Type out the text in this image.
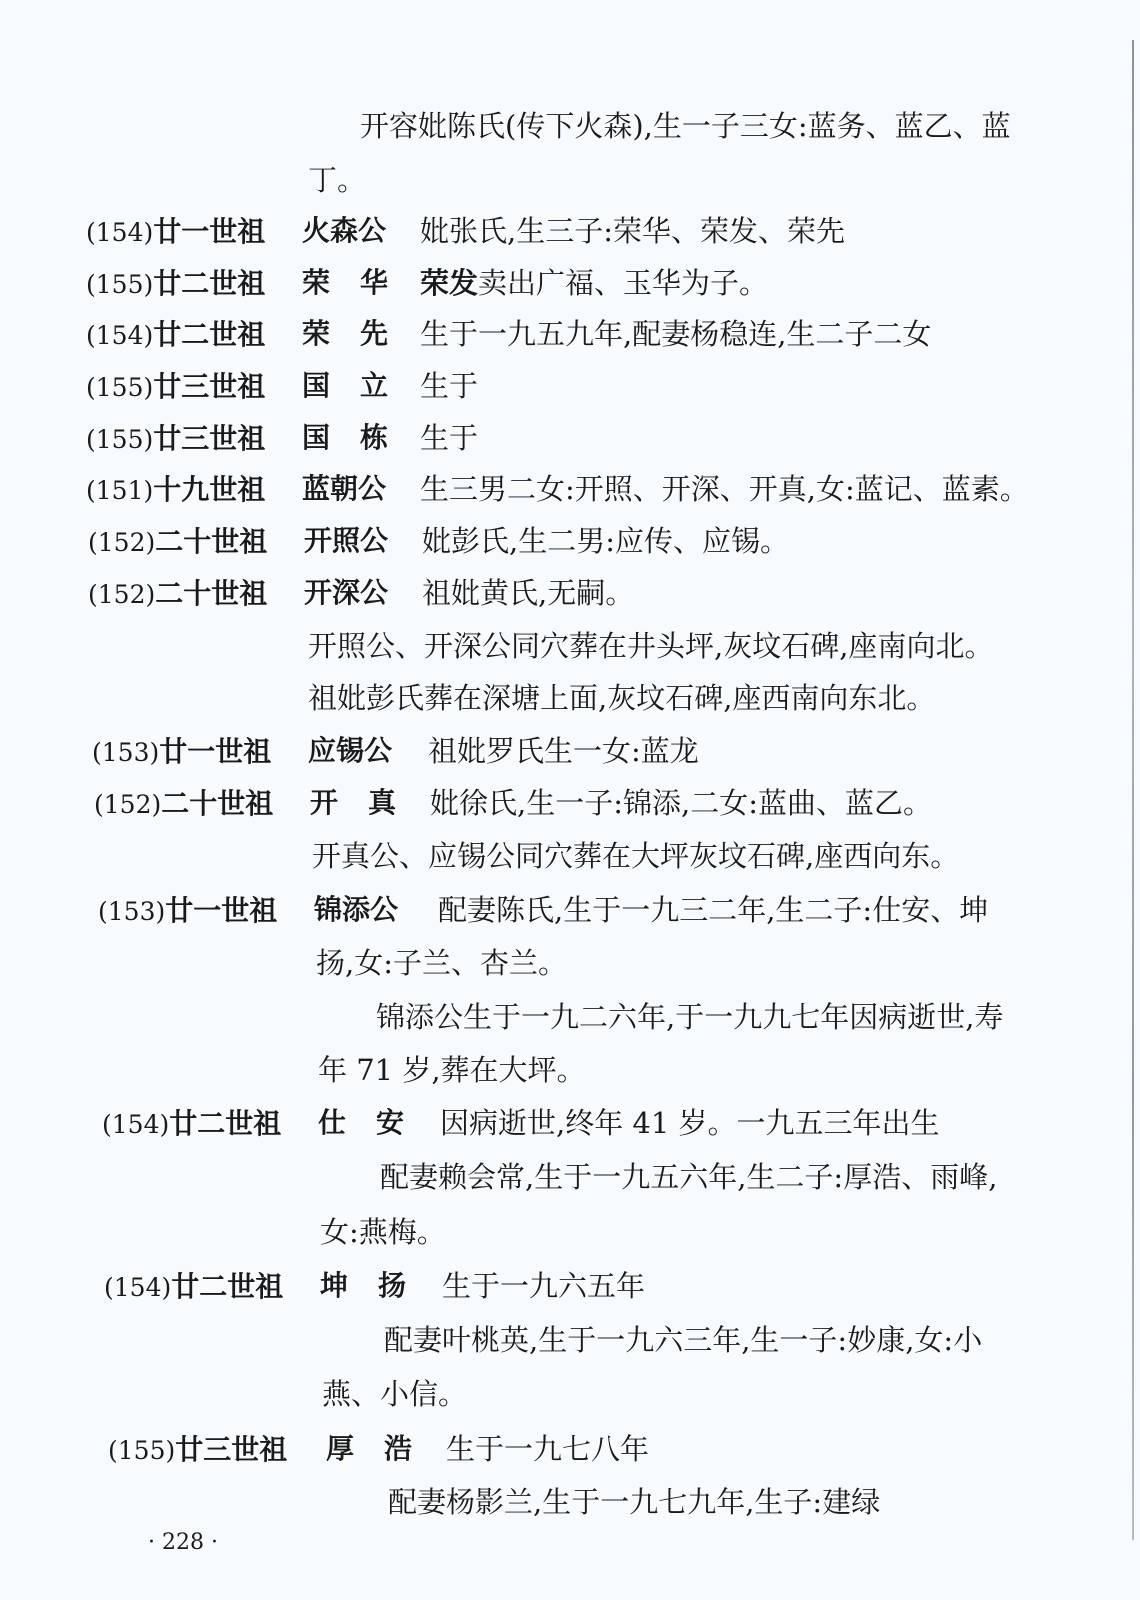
开容妣陈氏(传下火森),生一子三女:蓝务、蓝乙、蓝
丁。
(154)廿一世祖 火森公 妣张氏,生三子:荣华、荣发、荣先
(155)廿二世祖 荣华 荣发卖出广福、玉华为子。
(154)廿二世祖 荣先 生于一九五九年,配妻杨稳连,生二子二女
(155)廿三世祖 国立 生于
(155)廿三世祖 国栋 生于
(151)十九世祖 蓝朝公 生三男二女:开照、开深、开真,女:蓝记、蓝素。
(152)二十世祖 开照公 妣彭氏,生二男:应传、应锡。
(152)二十世祖 开深公 祖妣黄氏,无嗣。
开照公、开深公同穴葬在井头坪,灰坟石碑,座南向北。
祖妣彭氏葬在深塘上面,灰坟石碑,座西南向东北。
(153)廿一世祖 应锡公 祖妣罗氏生一女:蓝龙
(152)二十世祖 开真 妣徐氏,生一子:锦添,二女:蓝曲、蓝乙。
开真公、应锡公同穴葬在大坪灰坟石碑,座西向东。
(153)廿一世祖 锦添公 配妻陈氏,生于一九三二年,生二子:仕安、坤
扬,女:子兰、杏兰。
锦添公生于一九二六年,于一九九七年因病逝世,寿
年 71 岁,葬在大坪。
(154)廿二世祖 仕安 因病逝世,终年 41 岁。一九五三年出生
配妻赖会常,生于一九五六年,生二子:厚浩、雨峰,
女:燕梅。
(154)廿二世祖 坤扬 生于一九六五年
配妻叶桃英,生于一九六三年,生一子:妙康,女:小
燕、小信。
(155)廿三世祖 厚浩 生于一九七八年
配妻杨影兰,生于一九七九年,生子:建绿
· 228 ·
